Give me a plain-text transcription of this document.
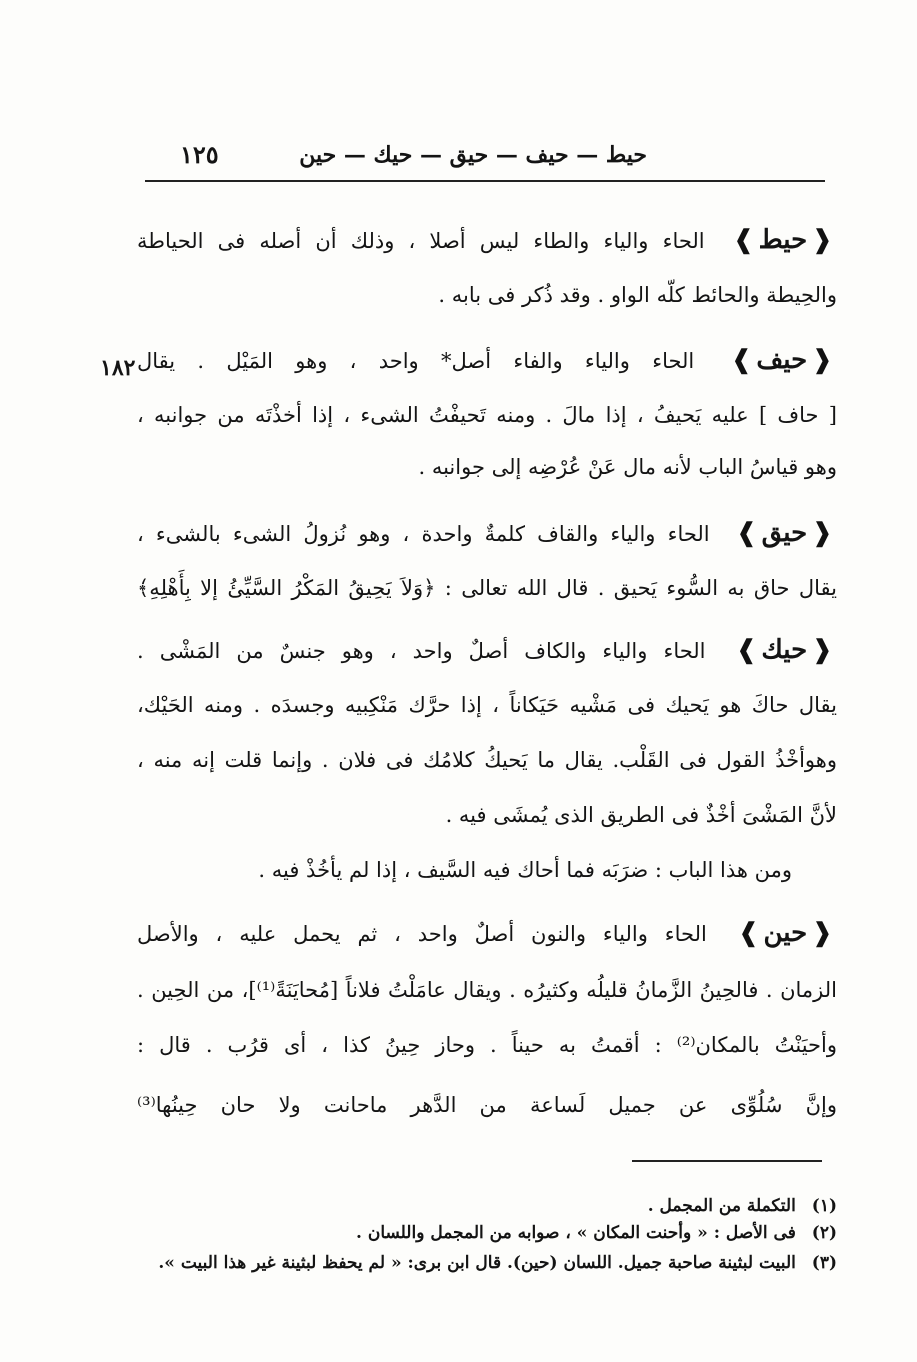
١٢٥	حيط — حيف — حيق — حيك — حين
❰ حيط ❱ الحاء والياء والطاء ليس أصلا ، وذلك أن أصله فى الحياطة
والحِيطة والحائط كلّه الواو . وقد ذُكر فى بابه .
١٨٢
❰	حيف ❱ الحاء والياء والفاء أصل* واحد ، وهو المَيْل . يقال
[ حاف ] عليه يَحيفُ ، إذا مالَ . ومنه تَحيفْتُ الشىء ، إذا أخذْتَه من جوانبه ،
وهو قياسُ الباب لأنه مال عَنْ عُرْضِه إلى جوانبه .
❰ حيق ❱ الحاء والياء والقاف كلمةٌ واحدة ، وهو نُزولُ الشىء بالشىء ،
يقال حاق به السُّوء يَحيق . قال الله تعالى : ﴿وَلاَ يَحِيقُ المَكْرُ السَّيِّئُ إلا بِأَهْلِهِ﴾
❰ حيك ❱ الحاء والياء والكاف أصلٌ واحد ، وهو جنسٌ من المَشْى .
يقال حاكَ هو يَحيك فى مَشْيه حَيَكاناً ، إذا حرَّك مَنْكِبيه وجسدَه . ومنه الحَيْك،
وهوأخْذُ القول فى القَلْب. يقال ما يَحيكُ كلامُك فى فلان . وإنما قلت إنه منه ،
لأنَّ المَشْىَ أخْذٌ فى الطريق الذى يُمشَى فيه .
ومن هذا الباب : ضرَبَه فما أحاك فيه السَّيف ، إذا لم يأخُذْ فيه .
❰ حين ❱ الحاء والياء والنون أصلٌ واحد ، ثم يحمل عليه ، والأصل
الزمان . فالحِينُ الزَّمانُ قليلُه وكثيرُه . ويقال عامَلْتُ فلاناً [مُحايَنَةً⁽¹⁾]، من الحِين .
وأحيَنْتُ بالمكان⁽²⁾ : أقمتُ به حيناً . وحاز حِينُ كذا ، أى قرُب . قال :
وإنَّ سُلُوِّى عن جميل لَساعة من الدَّهر ماحانت ولا حان حِينُها⁽³⁾
(١) التكملة من المجمل .
(٢) فى الأصل : « وأحنت المكان » ، صوابه من المجمل واللسان .
(٣) البيت لبثينة صاحبة جميل. اللسان (حين). قال ابن برى: « لم يحفظ لبثينة غير هذا البيت ».
